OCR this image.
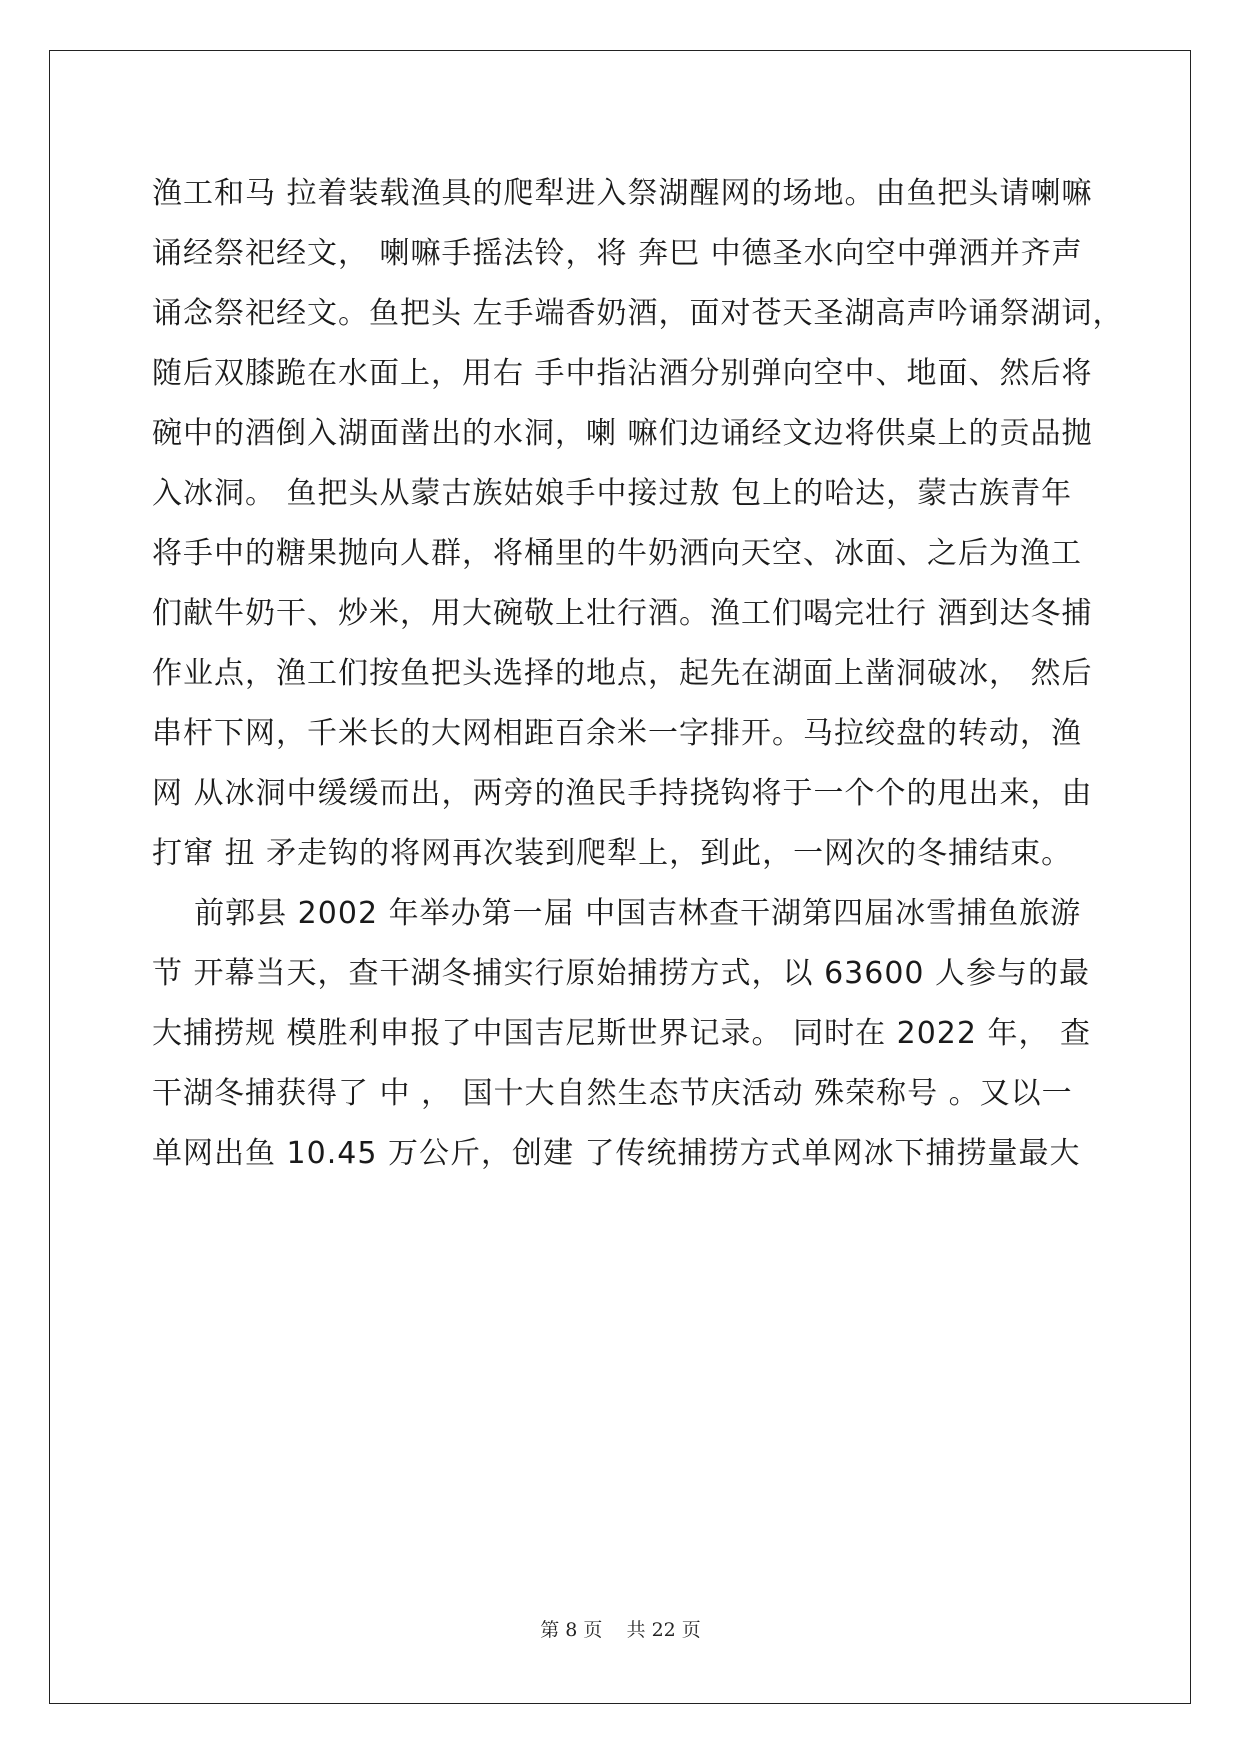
渔工和马 拉着装载渔具的爬犁进入祭湖醒网的场地。由鱼把头请喇嘛
诵经祭祀经文， 喇嘛手摇法铃，将 奔巴 中德圣水向空中弹洒并齐声
诵念祭祀经文。鱼把头 左手端香奶酒，面对苍天圣湖高声吟诵祭湖词，
随后双膝跪在水面上，用右 手中指沾酒分别弹向空中、地面、然后将
碗中的酒倒入湖面凿出的水洞，喇 嘛们边诵经文边将供桌上的贡品抛
入冰洞。 鱼把头从蒙古族姑娘手中接过敖 包上的哈达，蒙古族青年
将手中的糖果抛向人群，将桶里的牛奶洒向天空、冰面、之后为渔工
们献牛奶干、炒米，用大碗敬上壮行酒。渔工们喝完壮行 酒到达冬捕
作业点，渔工们按鱼把头选择的地点，起先在湖面上凿洞破冰， 然后
串杆下网，千米长的大网相距百余米一字排开。马拉绞盘的转动，渔
网 从冰洞中缓缓而出，两旁的渔民手持挠钩将于一个个的甩出来，由
打窜 扭 矛走钩的将网再次装到爬犁上，到此，一网次的冬捕结束。
前郭县 2002 年举办第一届 中国吉林查干湖第四届冰雪捕鱼旅游
节 开幕当天，查干湖冬捕实行原始捕捞方式，以 63600 人参与的最
大捕捞规 模胜利申报了中国吉尼斯世界记录。 同时在 2022 年， 查
干湖冬捕获得了 中 ， 国十大自然生态节庆活动 殊荣称号 。又以一
单网出鱼 10.45 万公斤，创建 了传统捕捞方式单网冰下捕捞量最大
第 8 页    共 22 页
